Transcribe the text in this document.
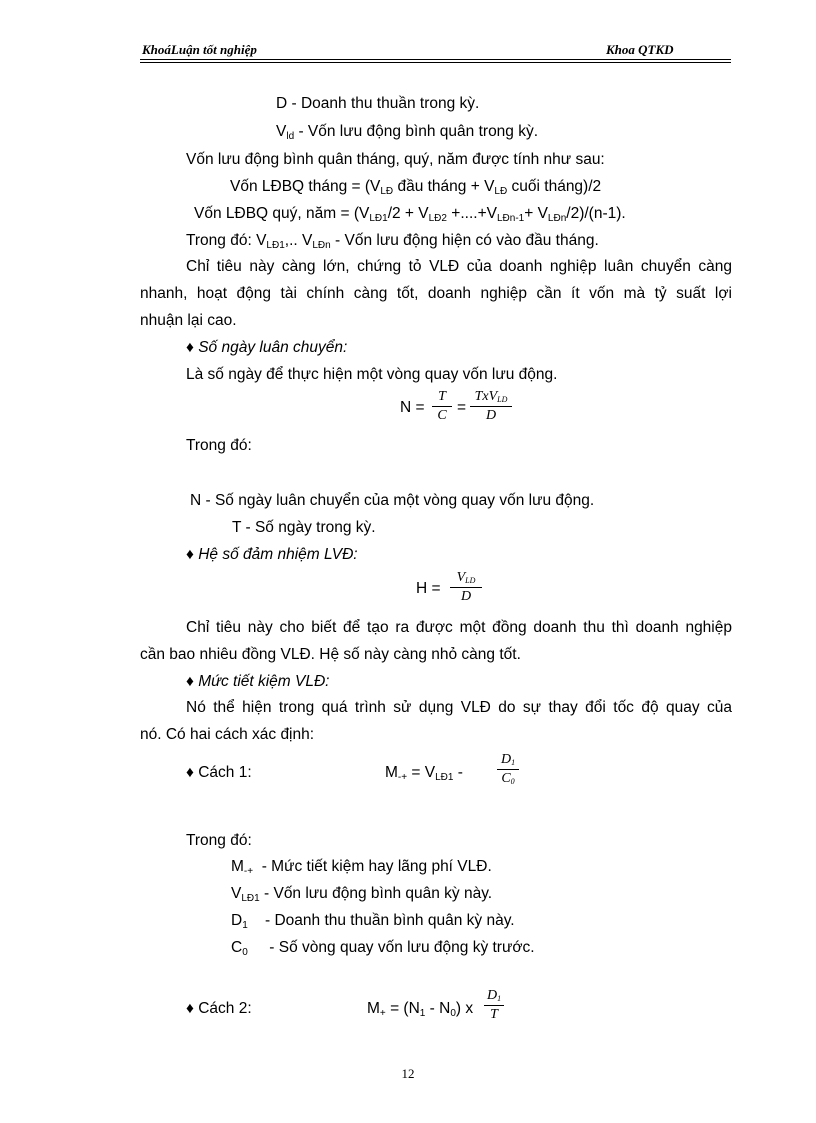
KhoáLuận tốt nghiệp	Khoa QTKD
D - Doanh thu thuần trong kỳ.
$V_{ld}$ - Vốn lưu động bình quân trong kỳ.
Vốn lưu động bình quân tháng, quý, năm được tính như sau:
Vốn LĐBQ tháng = ($V_{LĐ}$ đầu tháng + $V_{LĐ}$ cuối tháng)/2
Vốn LĐBQ quý, năm = $(V_{LĐ1}/2 + V_{LĐ2} +....+V_{LĐn-1}+ V_{LĐn}/2)/(n-1)$.
Trong đó: $V_{LĐ1}$,.. $V_{LĐn}$ - Vốn lưu động hiện có vào đầu tháng.
Chỉ tiêu này càng lớn, chứng tỏ VLĐ của doanh nghiệp luân chuyển càng
nhanh, hoạt động tài chính càng tốt, doanh nghiệp cần ít vốn mà tỷ suất lợi
nhuận lại cao.
♦ Số ngày luân chuyển:
Là số ngày để thực hiện một vòng quay vốn lưu động.
N =
T
C =
TxV$_{LD}$
D
Trong đó:
N - Số ngày luân chuyển của một vòng quay vốn lưu động.
T - Số ngày trong kỳ.
♦ Hệ số đảm nhiệm LVĐ:
H =
$V_{LD}$
D
Chỉ tiêu này cho biết để tạo ra được một đồng doanh thu thì doanh nghiệp
cần bao nhiêu đồng VLĐ. Hệ số này càng nhỏ càng tốt.
♦ Mức tiết kiệm VLĐ:
Nó thể hiện trong quá trình sử dụng VLĐ do sự thay đổi tốc độ quay của
nó. Có hai cách xác định:
♦ Cách 1:	$M_{-+} = V_{LĐ1}$ -
$D_1$
$C_0$
Trong đó:
$M_{-+}$  - Mức tiết kiệm hay lãng phí VLĐ.
$V_{LĐ1}$ - Vốn lưu động bình quân kỳ này.
$D_1$    - Doanh thu thuần bình quân kỳ này.
$C_0$     - Số vòng quay vốn lưu động kỳ trước.
♦ Cách 2:	$M_+ = (N_1 - N_0)$ x
$D_1$
T
12
